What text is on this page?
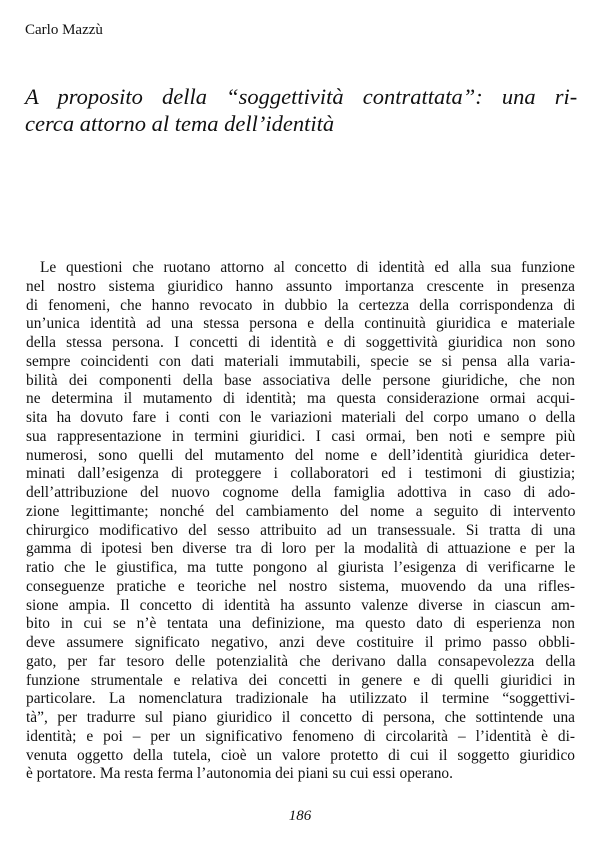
Carlo Mazzù
A proposito della “soggettività contrattata”: una ri-
cerca attorno al tema dell’identità
Le questioni che ruotano attorno al concetto di identità ed alla sua funzione
nel nostro sistema giuridico hanno assunto importanza crescente in presenza
di fenomeni, che hanno revocato in dubbio la certezza della corrispondenza di
un’unica identità ad una stessa persona e della continuità giuridica e materiale
della stessa persona. I concetti di identità e di soggettività giuridica non sono
sempre coincidenti con dati materiali immutabili, specie se si pensa alla varia-
bilità dei componenti della base associativa delle persone giuridiche, che non
ne determina il mutamento di identità; ma questa considerazione ormai acqui-
sita ha dovuto fare i conti con le variazioni materiali del corpo umano o della
sua rappresentazione in termini giuridici. I casi ormai, ben noti e sempre più
numerosi, sono quelli del mutamento del nome e dell’identità giuridica deter-
minati dall’esigenza di proteggere i collaboratori ed i testimoni di giustizia;
dell’attribuzione del nuovo cognome della famiglia adottiva in caso di ado-
zione legittimante; nonché del cambiamento del nome a seguito di intervento
chirurgico modificativo del sesso attribuito ad un transessuale. Si tratta di una
gamma di ipotesi ben diverse tra di loro per la modalità di attuazione e per la
ratio che le giustifica, ma tutte pongono al giurista l’esigenza di verificarne le
conseguenze pratiche e teoriche nel nostro sistema, muovendo da una rifles-
sione ampia. Il concetto di identità ha assunto valenze diverse in ciascun am-
bito in cui se n’è tentata una definizione, ma questo dato di esperienza non
deve assumere significato negativo, anzi deve costituire il primo passo obbli-
gato, per far tesoro delle potenzialità che derivano dalla consapevolezza della
funzione strumentale e relativa dei concetti in genere e di quelli giuridici in
particolare. La nomenclatura tradizionale ha utilizzato il termine “soggettivi-
tà”, per tradurre sul piano giuridico il concetto di persona, che sottintende una
identità; e poi – per un significativo fenomeno di circolarità – l’identità è di-
venuta oggetto della tutela, cioè un valore protetto di cui il soggetto giuridico
è portatore. Ma resta ferma l’autonomia dei piani su cui essi operano.
186
